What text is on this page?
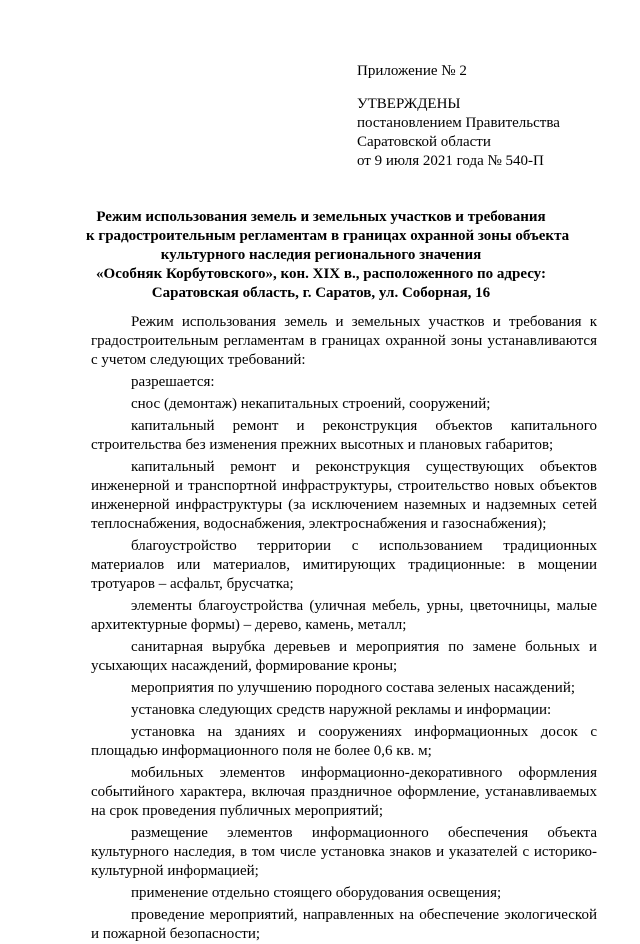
Приложение № 2
УТВЕРЖДЕНЫ
постановлением Правительства
Саратовской области
от 9 июля 2021 года № 540-П
Режим использования земель и земельных участков и требования
к градостроительным регламентам в границах охранной зоны объекта
культурного наследия регионального значения
«Особняк Корбутовского», кон. XIX в., расположенного по адресу:
Саратовская область, г. Саратов, ул. Соборная, 16

Режим использования земель и земельных участков и требования к градостроительным регламентам в границах охранной зоны устанавливаются с учетом следующих требований:

разрешается:

снос (демонтаж) некапитальных строений, сооружений;

капитальный ремонт и реконструкция объектов капитального строительства без изменения прежних высотных и плановых габаритов;

капитальный ремонт и реконструкция существующих объектов инженерной и транспортной инфраструктуры, строительство новых объектов инженерной инфраструктуры (за исключением наземных и надземных сетей теплоснабжения, водоснабжения, электроснабжения и газоснабжения);

благоустройство территории с использованием традиционных материалов или материалов, имитирующих традиционные: в мощении тротуаров – асфальт, брусчатка;

элементы благоустройства (уличная мебель, урны, цветочницы, малые архитектурные формы) – дерево, камень, металл;

санитарная вырубка деревьев и мероприятия по замене больных и усыхающих насаждений, формирование кроны;

мероприятия по улучшению породного состава зеленых насаждений;

установка следующих средств наружной рекламы и информации:

установка на зданиях и сооружениях информационных досок с площадью информационного поля не более 0,6 кв. м;

мобильных элементов информационно-декоративного оформления событийного характера, включая праздничное оформление, устанавливаемых на срок проведения публичных мероприятий;

размещение элементов информационного обеспечения объекта культурного наследия, в том числе установка знаков и указателей с историко-культурной информацией;

применение отдельно стоящего оборудования освещения;

проведение мероприятий, направленных на обеспечение экологической и пожарной безопасности;
